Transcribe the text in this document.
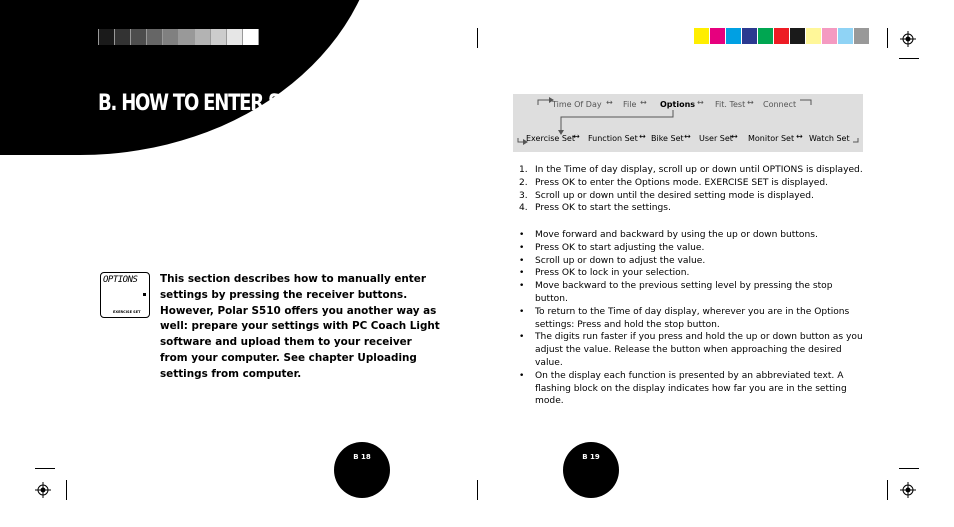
B. HOW TO ENTER SETTINGS
OPTIONS
EXERCISE SET
This section describes how to manually enter settings by pressing the receiver buttons. However, Polar S510 offers you another way as well: prepare your settings with PC Coach Light software and upload them to your receiver from your computer. See chapter Uploading settings from computer.
Time Of Day ↔ File ↔ Options ↔ Fit. Test ↔ Connect
Exercise Set
↔ Function Set ↔ Bike Set ↔ User Set
↔ Monitor Set ↔ Watch Set
1. In the Time of day display, scroll up or down until OPTIONS is displayed.
2. Press OK to enter the Options mode. EXERCISE SET is displayed.
3. Scroll up or down until the desired setting mode is displayed.
4. Press OK to start the settings.
• Move forward and backward by using the up or down buttons.
• Press OK to start adjusting the value.
• Scroll up or down to adjust the value.
• Press OK to lock in your selection.
• Move backward to the previous setting level by pressing the stop button.
• To return to the Time of day display, wherever you are in the Options settings: Press and hold the stop button.
• The digits run faster if you press and hold the up or down button as you adjust the value. Release the button when approaching the desired value.
• On the display each function is presented by an abbreviated text. A flashing block on the display indicates how far you are in the setting mode.
B 18	B 19
